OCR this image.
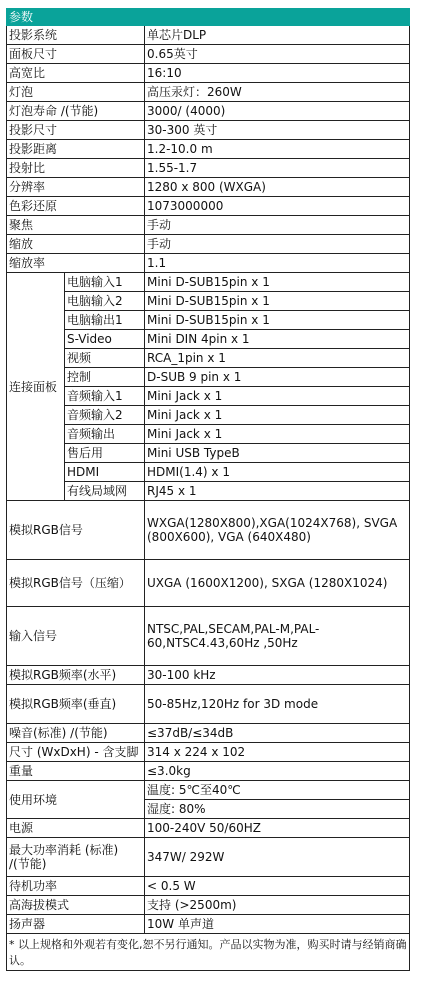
参数		
投影系统		单芯片DLP
面板尺寸		0.65英寸
高宽比		16:10
灯泡		高压汞灯：260W
灯泡寿命 /(节能)		3000/ (4000)
投影尺寸		30-300 英寸
投影距离		1.2-10.0 m
投射比		1.55-1.7
分辨率		1280 x 800 (WXGA)
色彩还原		1073000000
聚焦		手动
缩放		手动
缩放率		1.1
连接面板	电脑输入1	Mini D-SUB15pin x 1
	电脑输入2	Mini D-SUB15pin x 1
	电脑输出1	Mini D-SUB15pin x 1
	S-Video	Mini DIN 4pin x 1
	视频	RCA_1pin x 1
	控制	D-SUB 9 pin x 1
	音频输入1	Mini Jack x 1
	音频输入2	Mini Jack x 1
	音频输出	Mini Jack x 1
	售后用	Mini USB TypeB
	HDMI	HDMI(1.4) x 1
	有线局域网	RJ45 x 1
模拟RGB信号		WXGA(1280X800),XGA(1024X768), SVGA (800X600), VGA (640X480)
模拟RGB信号（压缩）		UXGA (1600X1200), SXGA (1280X1024)
输入信号		NTSC,PAL,SECAM,PAL-M,PAL-60,NTSC4.43,60Hz ,50Hz
模拟RGB频率(水平)		30-100 kHz
模拟RGB频率(垂直)		50-85Hz,120Hz for 3D mode
噪音(标准) /(节能)		≤37dB/≤34dB
尺寸 (WxDxH) - 含支脚		314 x 224 x 102
重量		≤3.0kg
使用环境		温度: 5℃至40℃
		湿度: 80%
电源		100-240V 50/60HZ
最大功率消耗 (标准) /(节能)		347W/ 292W
待机功率		< 0.5 W
高海拔模式		支持 (>2500m)
扬声器		10W 单声道
* 以上规格和外观若有变化,恕不另行通知。产品以实物为准，购买时请与经销商确认。		
